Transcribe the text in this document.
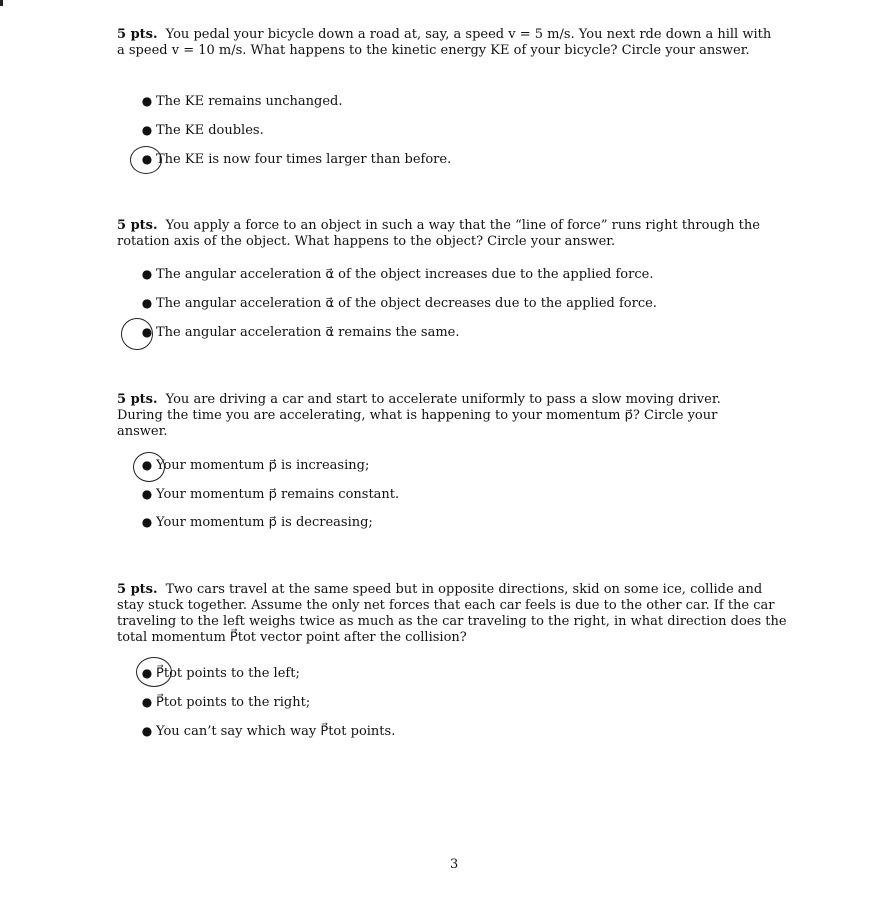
5 pts. You pedal your bicycle down a road at, say, a speed v = 5 m/s. You next rde down a hill with a speed v = 10 m/s. What happens to the kinetic energy KE of your bicycle? Circle your answer.

● The KE remains unchanged.
● The KE doubles.
● The KE is now four times larger than before.

5 pts. You apply a force to an object in such a way that the “line of force” runs right through the rotation axis of the object. What happens to the object? Circle your answer.

● The angular acceleration α⃗ of the object increases due to the applied force.
● The angular acceleration α⃗ of the object decreases due to the applied force.
● The angular acceleration α⃗ remains the same.

5 pts. You are driving a car and start to accelerate uniformly to pass a slow moving driver. During the time you are accelerating, what is happening to your momentum p⃗? Circle your answer.

● Your momentum p⃗ is increasing;
● Your momentum p⃗ remains constant.
● Your momentum p⃗ is decreasing;

5 pts. Two cars travel at the same speed but in opposite directions, skid on some ice, collide and stay stuck together. Assume the only net forces that each car feels is due to the other car. If the car traveling to the left weighs twice as much as the car traveling to the right, in what direction does the total momentum P⃗tot vector point after the collision?

● P⃗tot points to the left;
● P⃗tot points to the right;
● You can’t say which way P⃗tot points.
3
